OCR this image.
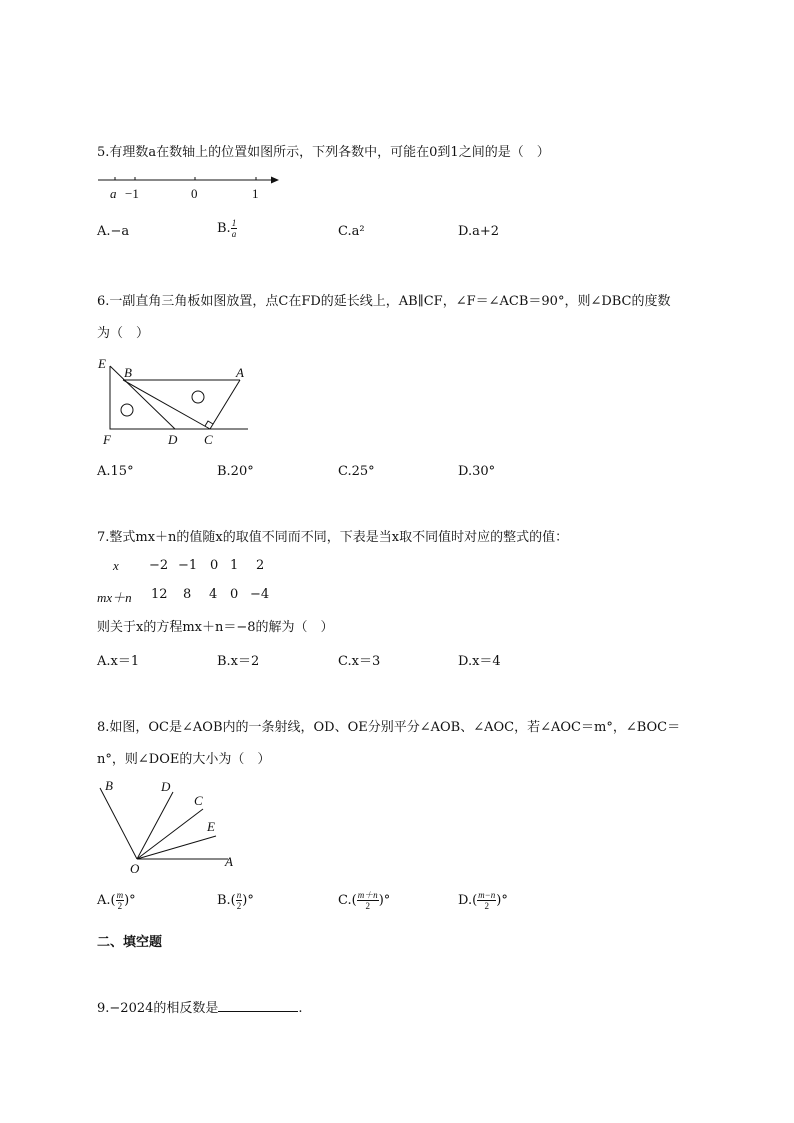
5.有理数a在数轴上的位置如图所示，下列各数中，可能在0到1之间的是（　）
a −1	0	1
A.−a	B. $\frac{1}{a}$	C.a²	D.a+2
6.一副直角三角板如图放置，点C在FD的延长线上，AB∥CF，∠F＝∠ACB＝90°，则∠DBC的度数
为（　）
E
B	A
F	D C
A.15°	B.20°	C.25°	D.30°
7.整式mx＋n的值随x的取值不同而不同，下表是当x取不同值时对应的整式的值：
x −2 −1 0 1 2
mx＋n 12 8 4 0 −4
则关于x的方程mx＋n＝−8的解为（　）
A.x＝1	B.x＝2	C.x＝3	D.x＝4
8.如图，OC是∠AOB内的一条射线，OD、OE分别平分∠AOB、∠AOC，若∠AOC＝m°，∠BOC＝
n°，则∠DOE的大小为（　）
B	D
C
E
O	A
$A.( \frac{m}{2}$ )°	$B.( \frac{n}{2}$ )°	$C.( \frac{m+n}{2}$ )°	$D.( \frac{m-n}{2}$ )°
二、填空题
9.−2024的相反数是	.
